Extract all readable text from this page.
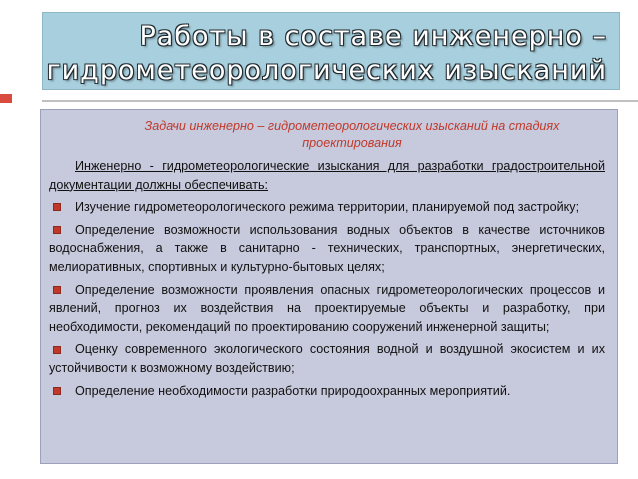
Работы в составе инженерно –
гидрометеорологических изысканий
Задачи инженерно – гидрометеорологических изысканий на стадиях проектирования
Инженерно - гидрометеорологические изыскания для разработки градостроительной документации должны обеспечивать:
Изучение гидрометеорологического режима территории, планируемой под застройку;
Определение возможности использования водных объектов в качестве источников водоснабжения, а также в санитарно - технических, транспортных, энергетических, мелиоративных, спортивных и культурно-бытовых целях;
Определение возможности проявления опасных гидрометеорологических процессов и явлений, прогноз их воздействия на проектируемые объекты и разработку, при необходимости, рекомендаций по проектированию сооружений инженерной защиты;
Оценку современного экологического состояния водной и воздушной экосистем и их устойчивости к возможному воздействию;
Определение необходимости разработки природоохранных мероприятий.
